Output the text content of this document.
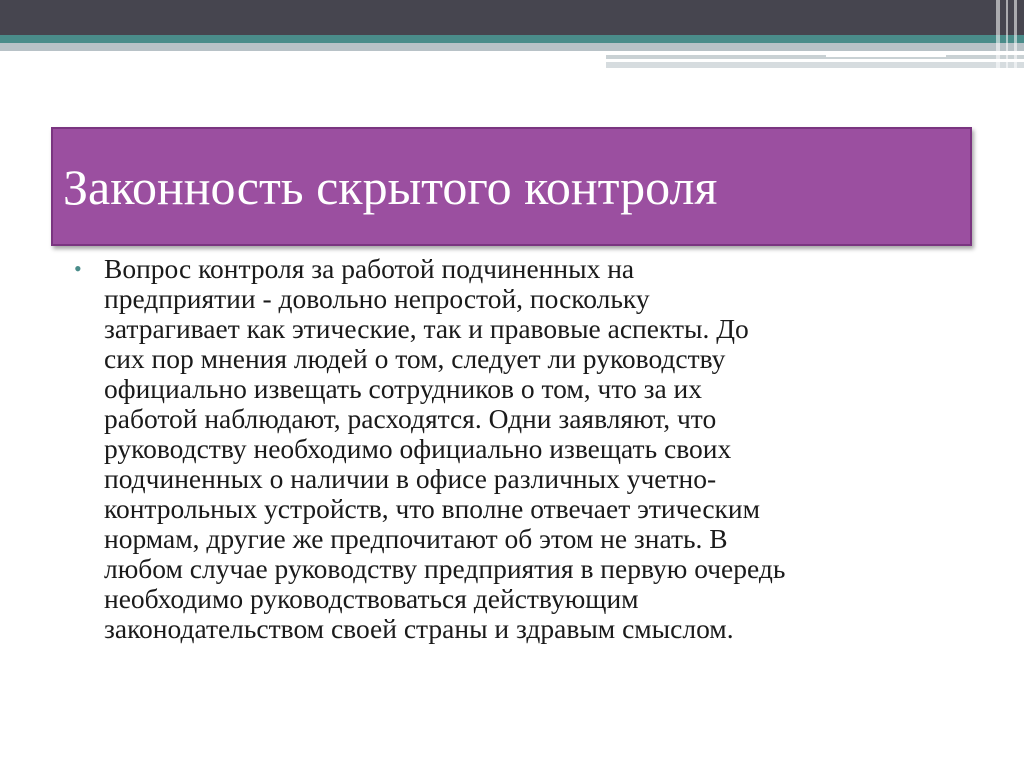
Законность скрытого контроля
• Вопрос контроля за работой подчиненных на
предприятии - довольно непростой, поскольку
затрагивает как этические, так и правовые аспекты. До
сих пор мнения людей о том, следует ли руководству
официально извещать сотрудников о том, что за их
работой наблюдают, расходятся. Одни заявляют, что
руководству необходимо официально извещать своих
подчиненных о наличии в офисе различных учетно-
контрольных устройств, что вполне отвечает этическим
нормам, другие же предпочитают об этом не знать. В
любом случае руководству предприятия в первую очередь
необходимо руководствоваться действующим
законодательством своей страны и здравым смыслом.
